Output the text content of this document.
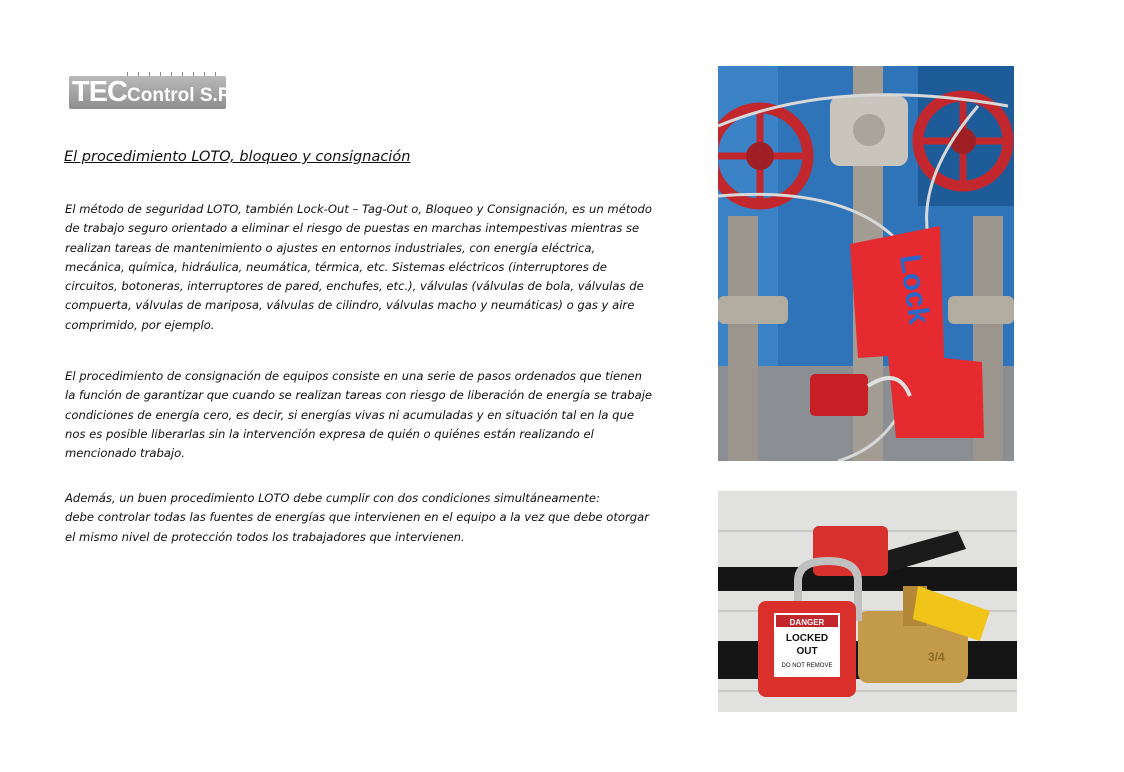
TECControl S.R.L.
El procedimiento LOTO, bloqueo y consignación

El método de seguridad LOTO, también Lock-Out – Tag-Out o, Bloqueo y Consignación, es un método de trabajo seguro orientado a eliminar el riesgo de puestas en marchas intempestivas mientras se realizan tareas de mantenimiento o ajustes en entornos industriales, con energía eléctrica, mecánica, química, hidráulica, neumática, térmica, etc. Sistemas eléctricos (interruptores de circuitos, botoneras, interruptores de pared, enchufes, etc.), válvulas (válvulas de bola, válvulas de compuerta, válvulas de mariposa, válvulas de cilindro, válvulas macho y neumáticas) o gas y aire comprimido, por ejemplo.

El procedimiento de consignación de equipos consiste en una serie de pasos ordenados que tienen la función de garantizar que cuando se realizan tareas con riesgo de liberación de energía se trabaje condiciones de energía cero, es decir, si energías vivas ni acumuladas y en situación tal en la que nos es posible liberarlas sin la intervención expresa de quién o quiénes están realizando el mencionado trabajo.

Además, un buen procedimiento LOTO debe cumplir con dos condiciones simultáneamente:
debe controlar todas las fuentes de energías que intervienen en el equipo a la vez que debe otorgar el mismo nivel de protección todos los trabajadores que intervienen.

Lock
DANGER
LOCKED
OUT
DO NOT REMOVE
3/4
